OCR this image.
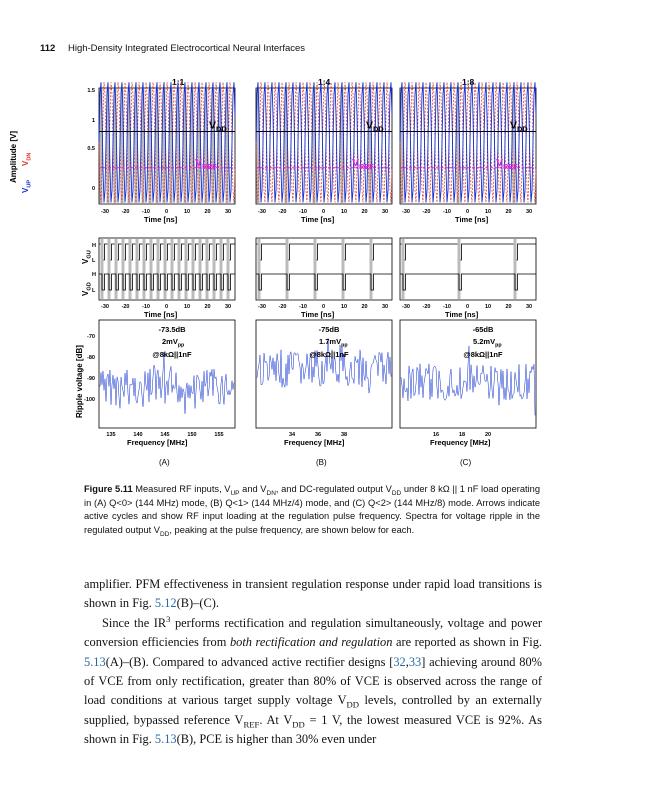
112 High-Density Integrated Electrocortical Neural Interfaces
1:1	1:4	1:8
-30 -20 -10	0	10	20	30
Time [ns]
$V_{DD}$
$V_{REF}$
-30 -20 -10	0	10	20	30
Time [ns]
$V_{DD}$
$V_{REF}$
-30 -20 -10	0	10	20	30
Time [ns]
$V_{DD}$
$V_{REF}$
1.5
1
0.5
0
Amplitude [V]
$V_{UP}$
$V_{DN}$
-30 -20 -10	0	10	20	30
Time [ns]
-30 -20 -10	0	10	20	30
Time [ns]
-30 -20 -10	0	10	20	30
Time [ns]
$V_{GU}$
$V_{GD}$
H
L
H
L
-73.5dB
$2mV_{pp}$
@8kΩ||1nF
135	140	145	150	155
Frequency [MHz]
(A)
-75dB
$1.7mV_{pp}$
@8kΩ||1nF
34	36	38
Frequency [MHz]
(B)
-65dB
$5.2mV_{pp}$
@8kΩ||1nF
16	18	20
Frequency [MHz]
(C)
-70
-80
-90
-100
Ripple voltage [dB]
Figure 5.11 Measured RF inputs, $V_{UP}$ and $V_{DN}$, and DC-regulated output $V_{DD}$ under 8 kΩ || 1 nF load operating in (A) Q<0> (144 MHz) mode, (B) Q<1> (144 MHz/4) mode, and (C) Q<2> (144 MHz/8) mode. Arrows indicate active cycles and show RF input loading at the regulation pulse frequency. Spectra for voltage ripple in the regulated output $V_{DD}$, peaking at the pulse frequency, are shown below for each.

amplifier. PFM effectiveness in transient regulation response under rapid load transitions is shown in Fig. 5.12(B)–(C).

Since the $IR^3$ performs rectification and regulation simultaneously, voltage and power conversion efficiencies from both rectification and regulation are reported as shown in Fig. 5.13(A)–(B). Compared to advanced active rectifier designs [32,33] achieving around 80% of VCE from only rectification, greater than 80% of VCE is observed across the range of load conditions at various target supply voltage $V_{DD}$ levels, controlled by an externally supplied, bypassed reference $V_{REF}$. At $V_{DD} = 1$ V, the lowest measured VCE is 92%. As shown in Fig. 5.13(B), PCE is higher than 30% even under
